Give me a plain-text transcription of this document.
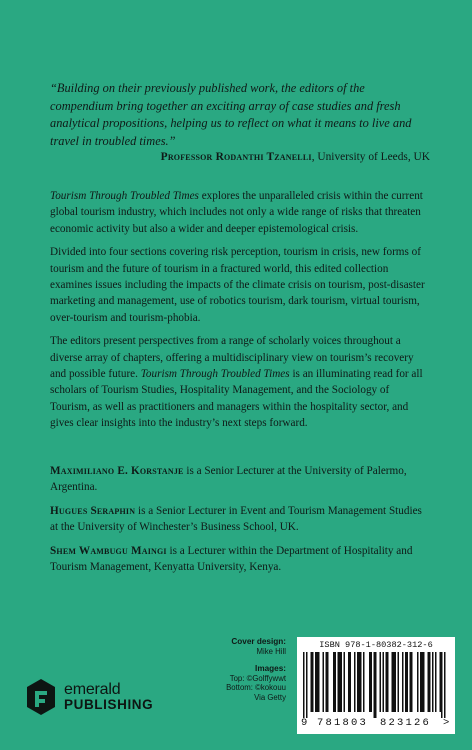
“Building on their previously published work, the editors of the compendium bring together an exciting array of case studies and fresh analytical propositions, helping us to reflect on what it means to live and travel in troubled times.”

Professor Rodanthi Tzanelli, University of Leeds, UK

Tourism Through Troubled Times explores the unparalleled crisis within the current global tourism industry, which includes not only a wide range of risks that threaten economic activity but also a wider and deeper epistemological crisis.

Divided into four sections covering risk perception, tourism in crisis, new forms of tourism and the future of tourism in a fractured world, this edited collection examines issues including the impacts of the climate crisis on tourism, post-disaster marketing and management, use of robotics tourism, dark tourism, virtual tourism, over-tourism and tourism-phobia.

The editors present perspectives from a range of scholarly voices throughout a diverse array of chapters, offering a multidisciplinary view on tourism’s recovery and possible future. Tourism Through Troubled Times is an illuminating read for all scholars of Tourism Studies, Hospitality Management, and the Sociology of Tourism, as well as practitioners and managers within the hospitality sector, and gives clear insights into the industry’s next steps forward.

Maximiliano E. Korstanje is a Senior Lecturer at the University of Palermo, Argentina.

Hugues Seraphin is a Senior Lecturer in Event and Tourism Management Studies at the University of Winchester’s Business School, UK.

Shem Wambugu Maingi is a Lecturer within the Department of Hospitality and Tourism Management, Kenyatta University, Kenya.

emerald
PUBLISHING
Cover design:
Mike Hill
Images:
Top: ©Golffywwt
Bottom: ©kokouu
Via Getty
ISBN 978-1-80382-312-6
9 781803 823126 >
